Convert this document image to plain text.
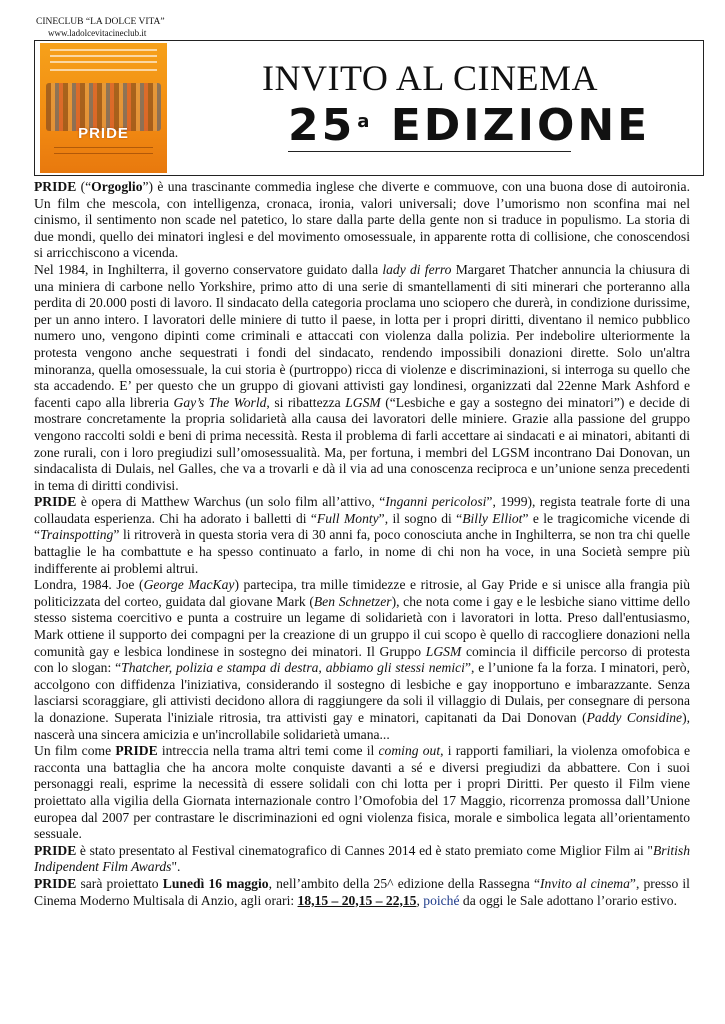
CINECLUB “LA DOLCE VITA”
www.ladolcevitacineclub.it
PRIDE
INVITO AL CINEMA
25 $^a$ EDIZIONE

PRIDE (“Orgoglio”) è una trascinante commedia inglese che diverte e commuove, con una buona dose di autoironia. Un film che mescola, con intelligenza, cronaca, ironia, valori universali; dove l’umorismo non sconfina mai nel cinismo, il sentimento non scade nel patetico, lo stare dalla parte della gente non si traduce in populismo. La storia di due mondi, quello dei minatori inglesi e del movimento omosessuale, in apparente rotta di collisione, che conoscendosi si arricchiscono a vicenda.

Nel 1984, in Inghilterra, il governo conservatore guidato dalla lady di ferro Margaret Thatcher annuncia la chiusura di una miniera di carbone nello Yorkshire, primo atto di una serie di smantellamenti di siti minerari che porteranno alla perdita di 20.000 posti di lavoro. Il sindacato della categoria proclama uno sciopero che durerà, in condizione durissime, per un anno intero. I lavoratori delle miniere di tutto il paese, in lotta per i propri diritti, diventano il nemico pubblico numero uno, vengono dipinti come criminali e attaccati con violenza dalla polizia. Per indebolire ulteriormente la protesta vengono anche sequestrati i fondi del sindacato, rendendo impossibili donazioni dirette. Solo un'altra minoranza, quella omosessuale, la cui storia è (purtroppo) ricca di violenze e discriminazioni, si interroga su quello che sta accadendo. E’ per questo che un gruppo di giovani attivisti gay londinesi, organizzati dal 22enne Mark Ashford e facenti capo alla libreria Gay’s The World, si ribattezza LGSM (“Lesbiche e gay a sostegno dei minatori”) e decide di mostrare concretamente la propria solidarietà alla causa dei lavoratori delle miniere. Grazie alla passione del gruppo vengono raccolti soldi e beni di prima necessità. Resta il problema di farli accettare ai sindacati e ai minatori, abitanti di zone rurali, con i loro pregiudizi sull’omosessualità. Ma, per fortuna, i membri del LGSM incontrano Dai Donovan, un sindacalista di Dulais, nel Galles, che va a trovarli e dà il via ad una conoscenza reciproca e un’unione senza precedenti in tema di diritti condivisi.

PRIDE è opera di Matthew Warchus (un solo film all’attivo, “Inganni pericolosi”, 1999), regista teatrale forte di una collaudata esperienza. Chi ha adorato i balletti di “Full Monty”, il sogno di “Billy Elliot” e le tragicomiche vicende di “Trainspotting” li ritroverà in questa storia vera di 30 anni fa, poco conosciuta anche in Inghilterra, se non tra chi quelle battaglie le ha combattute e ha spesso continuato a farlo, in nome di chi non ha voce, in una Società sempre più indifferente ai problemi altrui.

Londra, 1984. Joe (George MacKay) partecipa, tra mille timidezze e ritrosie, al Gay Pride e si unisce alla frangia più politicizzata del corteo, guidata dal giovane Mark (Ben Schnetzer), che nota come i gay e le lesbiche siano vittime dello stesso sistema coercitivo e punta a costruire un legame di solidarietà con i lavoratori in lotta. Preso dall'entusiasmo, Mark ottiene il supporto dei compagni per la creazione di un gruppo il cui scopo è quello di raccogliere donazioni nella comunità gay e lesbica londinese in sostegno dei minatori. Il Gruppo LGSM comincia il difficile percorso di protesta con lo slogan: “Thatcher, polizia e stampa di destra, abbiamo gli stessi nemici”, e l’unione fa la forza. I minatori, però, accolgono con diffidenza l'iniziativa, considerando il sostegno di lesbiche e gay inopportuno e imbarazzante. Senza lasciarsi scoraggiare, gli attivisti decidono allora di raggiungere da soli il villaggio di Dulais, per consegnare di persona la donazione. Superata l'iniziale ritrosia, tra attivisti gay e minatori, capitanati da Dai Donovan (Paddy Considine), nascerà una sincera amicizia e un'incrollabile solidarietà umana...

Un film come PRIDE intreccia nella trama altri temi come il coming out, i rapporti familiari, la violenza omofobica e racconta una battaglia che ha ancora molte conquiste davanti a sé e diversi pregiudizi da abbattere. Con i suoi personaggi reali, esprime la necessità di essere solidali con chi lotta per i propri Diritti. Per questo il Film viene proiettato alla vigilia della Giornata internazionale contro l’Omofobia del 17 Maggio, ricorrenza promossa dall’Unione europea dal 2007 per contrastare le discriminazioni ed ogni violenza fisica, morale e simbolica legata all’orientamento sessuale.

PRIDE è stato presentato al Festival cinematografico di Cannes 2014 ed è stato premiato come Miglior Film ai "British Indipendent Film Awards".

PRIDE sarà proiettato Lunedì 16 maggio, nell’ambito della 25^ edizione della Rassegna “Invito al cinema”, presso il Cinema Moderno Multisala di Anzio, agli orari: 18,15 – 20,15 – 22,15, poiché da oggi le Sale adottano l’orario estivo.
